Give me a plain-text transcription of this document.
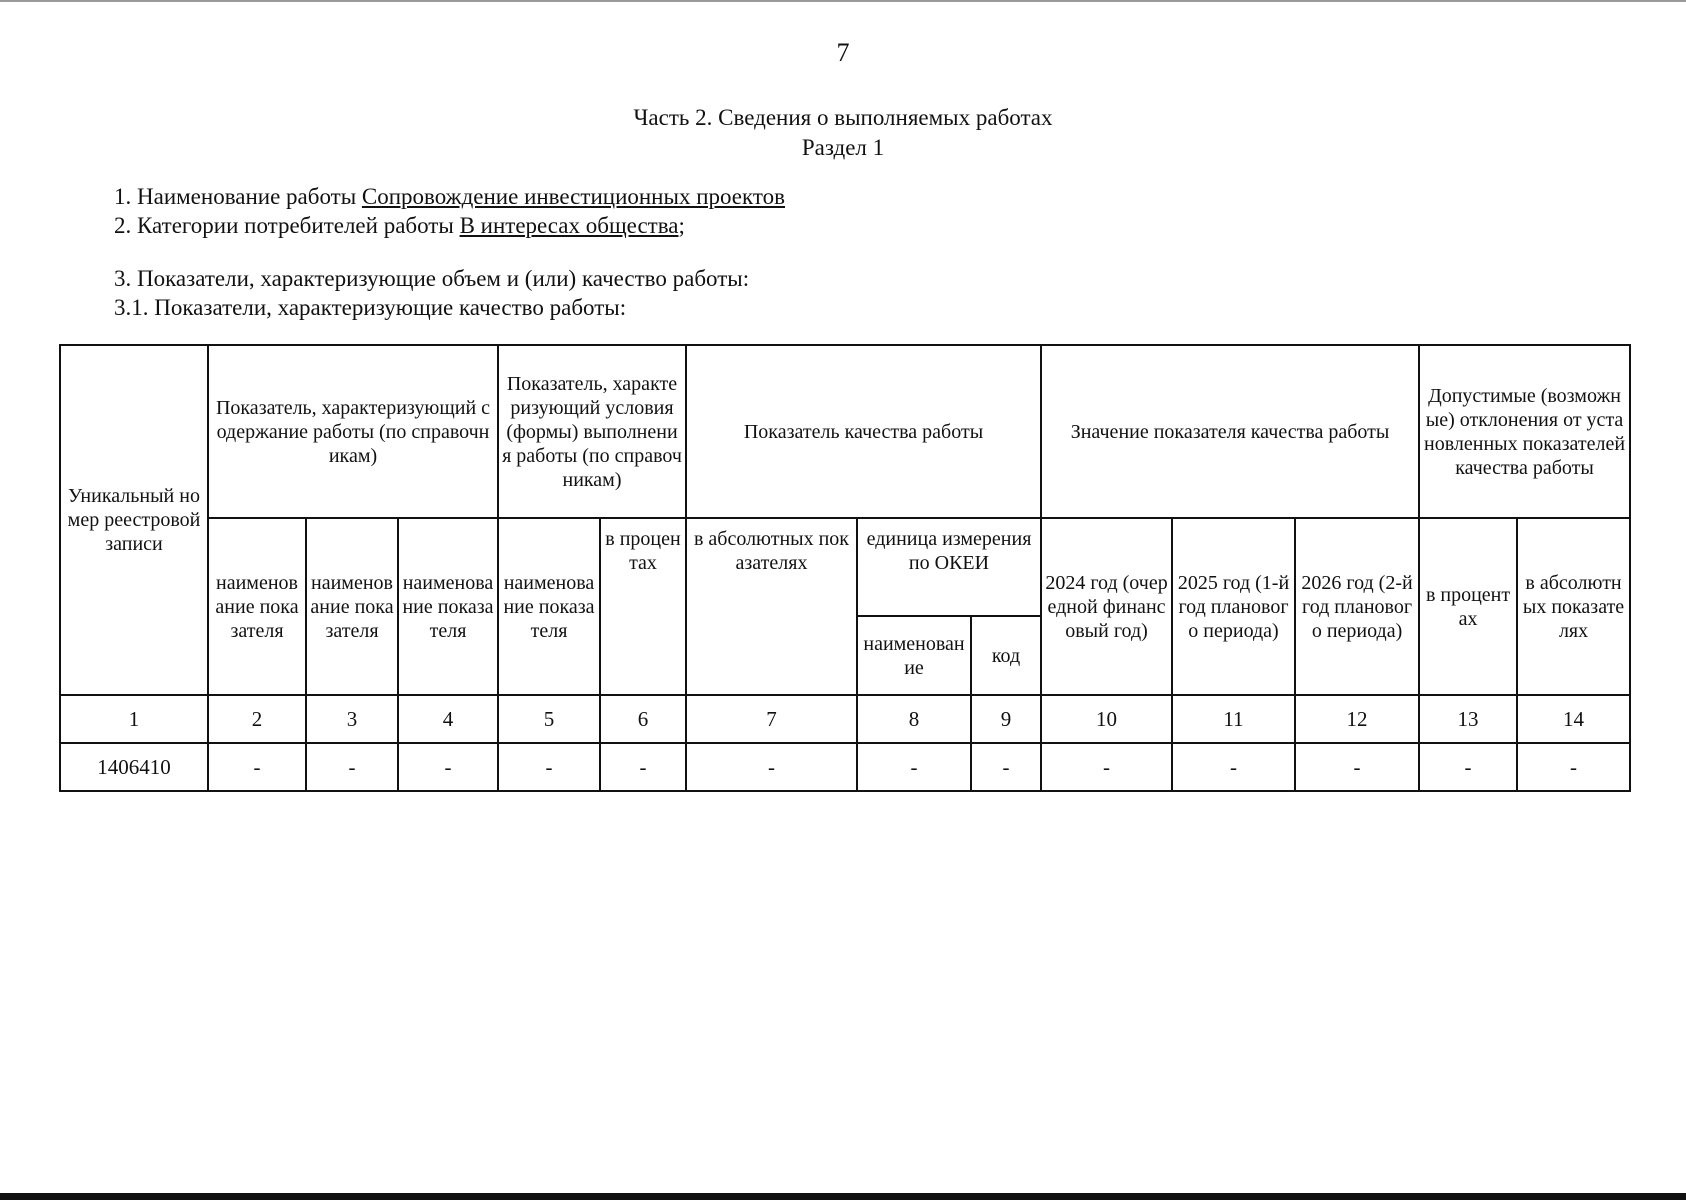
7
Часть 2. Сведения о выполняемых работах
Раздел 1
1. Наименование работы Сопровождение инвестиционных проектов
2. Категории потребителей работы В интересах общества;
3. Показатели, характеризующие объем и (или) качество работы:
3.1. Показатели, характеризующие качество работы:
Уникальный номер реестровой записи	Показатель, характеризующий содержание работы (по справочникам)			Показатель, характеризующий условия (формы) выполнения работы (по справочникам)		Показатель качества работы			Значение показателя качества работы			Допустимые (возможные) отклонения от установленных показателей качества работы	
	наименование показателя	наименование показателя	наименование показателя	наименование показателя	в процентах	в абсолютных показателях	единица измерения по ОКЕИ		2024 год (очередной финансовый год)	2025 год (1-й год планового периода)	2026 год (2-й год планового периода)	в процентах	в абсолютных показателях
							наименование	код					
1	2	3	4	5	6	7	8	9	10	11	12	13	14
1406410	-	-	-	-	-	-	-	-	-	-	-	-	-
